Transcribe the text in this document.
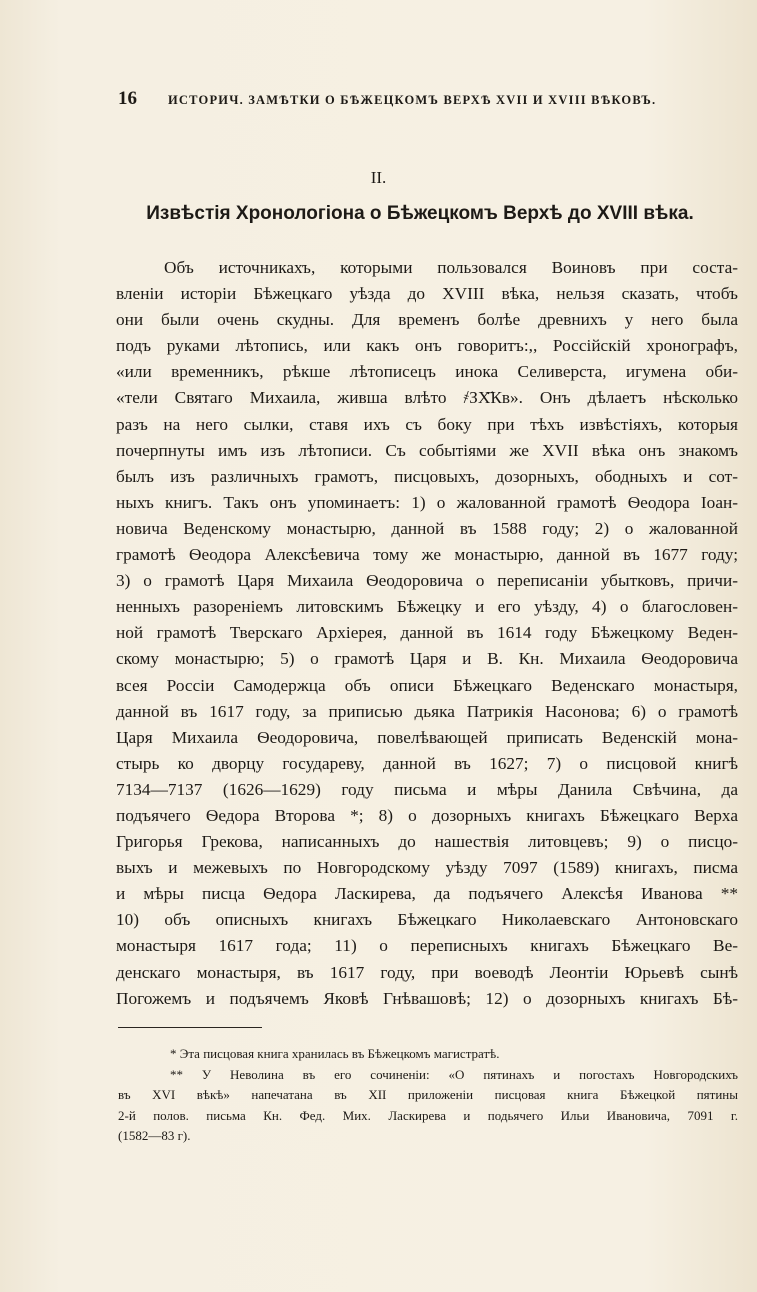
16 ИСТОРИЧ. ЗАМѢТКИ О БѢЖЕЦКОМЪ ВЕРХѢ XVII И XVIII ВѢКОВЪ.
II.
Извѣстія Хронологіона о Бѣжецкомъ Верхѣ до XVIII вѣка.
Объ источникахъ, которыми пользовался Воиновъ при соста-
вленіи исторіи Бѣжецкаго уѣзда до XVIII вѣка, нельзя сказать, чтобъ
они были очень скудны. Для временъ болѣе древнихъ у него была
подъ руками лѣтопись, или какъ онъ говоритъ:,, Россійскій хронографъ,
«или временникъ, рѣкше лѣтописецъ инока Селиверста, игумена оби-
«тели Святаго Михаила, живша влѣто ҂ЗХ҃Кв». Онъ дѣлаетъ нѣсколько
разъ на него сылки, ставя ихъ съ боку при тѣхъ извѣстіяхъ, которыя
почерпнуты имъ изъ лѣтописи. Съ событіями же XVII вѣка онъ знакомъ
былъ изъ различныхъ грамотъ, писцовыхъ, дозорныхъ, ободныхъ и сот-
ныхъ книгъ. Такъ онъ упоминаетъ: 1) о жалованной грамотѣ Ѳеодора Іоан-
новича Веденскому монастырю, данной въ 1588 году; 2) о жалованной
грамотѣ Ѳеодора Алексѣевича тому же монастырю, данной въ 1677 году;
3) о грамотѣ Царя Михаила Ѳеодоровича о переписаніи убытковъ, причи-
ненныхъ разореніемъ литовскимъ Бѣжецку и его уѣзду, 4) о благословен-
ной грамотѣ Тверскаго Архіерея, данной въ 1614 году Бѣжецкому Веден-
скому монастырю; 5) о грамотѣ Царя и В. Кн. Михаила Ѳеодоровича
всея Россіи Самодержца объ описи Бѣжецкаго Веденскаго монастыря,
данной въ 1617 году, за приписью дьяка Патрикія Насонова; 6) о грамотѣ
Царя Михаила Ѳеодоровича, повелѣвающей приписать Веденскій мона-
стырь ко дворцу государеву, данной въ 1627; 7) о писцовой книгѣ
7134—7137 (1626—1629) году письма и мѣры Данила Свѣчина, да
подъячего Ѳедора Второва *; 8) о дозорныхъ книгахъ Бѣжецкаго Верха
Григорья Грекова, написанныхъ до нашествія литовцевъ; 9) о писцо-
выхъ и межевыхъ по Новгородскому уѣзду 7097 (1589) книгахъ, писма
и мѣры писца Ѳедора Ласкирева, да подъячего Алексѣя Иванова **
10) объ описныхъ книгахъ Бѣжецкаго Николаевскаго Антоновскаго
монастыря 1617 года; 11) о переписныхъ книгахъ Бѣжецкаго Ве-
денскаго монастыря, въ 1617 году, при воеводѣ Леонтіи Юрьевѣ сынѣ
Погожемъ и подъячемъ Яковѣ Гнѣвашовѣ; 12) о дозорныхъ книгахъ Бѣ-
* Эта писцовая книга хранилась въ Бѣжецкомъ магистратѣ.
** У Неволина въ его сочиненіи: «О пятинахъ и погостахъ Новгородскихъ
въ XVI вѣкѣ» напечатана въ XII приложеніи писцовая книга Бѣжецкой пятины
2-й полов. письма Кн. Фед. Мих. Ласкирева и подьячего Ильи Ивановича, 7091 г.
(1582—83 г).
